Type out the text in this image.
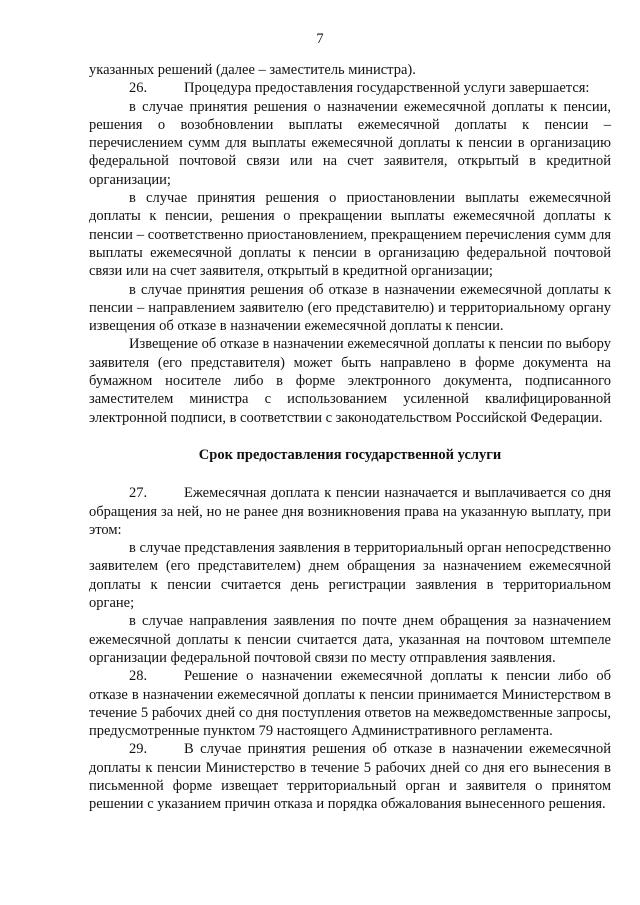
7

указанных решений (далее – заместитель министра).

26.	Процедура предоставления государственной услуги завершается:

в случае принятия решения о назначении ежемесячной доплаты к пенсии, решения о возобновлении выплаты ежемесячной доплаты к пенсии – перечислением сумм для выплаты ежемесячной доплаты к пенсии в организацию федеральной почтовой связи или на счет заявителя, открытый в кредитной организации;

в случае принятия решения о приостановлении выплаты ежемесячной доплаты к пенсии, решения о прекращении выплаты ежемесячной доплаты к пенсии – соответственно приостановлением, прекращением перечисления сумм для выплаты ежемесячной доплаты к пенсии в организацию федеральной почтовой связи или на счет заявителя, открытый в кредитной организации;

в случае принятия решения об отказе в назначении ежемесячной доплаты к пенсии – направлением заявителю (его представителю) и территориальному органу извещения об отказе в назначении ежемесячной доплаты к пенсии.

Извещение об отказе в назначении ежемесячной доплаты к пенсии по выбору заявителя (его представителя) может быть направлено в форме документа на бумажном носителе либо в форме электронного документа, подписанного заместителем министра с использованием усиленной квалифицированной электронной подписи, в соответствии с законодательством Российской Федерации.

Срок предоставления государственной услуги

27.	Ежемесячная доплата к пенсии назначается и выплачивается со дня обращения за ней, но не ранее дня возникновения права на указанную выплату, при этом:

в случае представления заявления в территориальный орган непосредственно заявителем (его представителем) днем обращения за назначением ежемесячной доплаты к пенсии считается день регистрации заявления в территориальном органе;

в случае направления заявления по почте днем обращения за назначением ежемесячной доплаты к пенсии считается дата, указанная на почтовом штемпеле организации федеральной почтовой связи по месту отправления заявления.

28.	Решение о назначении ежемесячной доплаты к пенсии либо об отказе в назначении ежемесячной доплаты к пенсии принимается Министерством в течение 5 рабочих дней со дня поступления ответов на межведомственные запросы, предусмотренные пунктом 79 настоящего Административного регламента.

29.	В случае принятия решения об отказе в назначении ежемесячной доплаты к пенсии Министерство в течение 5 рабочих дней со дня его вынесения в письменной форме извещает территориальный орган и заявителя о принятом решении с указанием причин отказа и порядка обжалования вынесенного решения.
